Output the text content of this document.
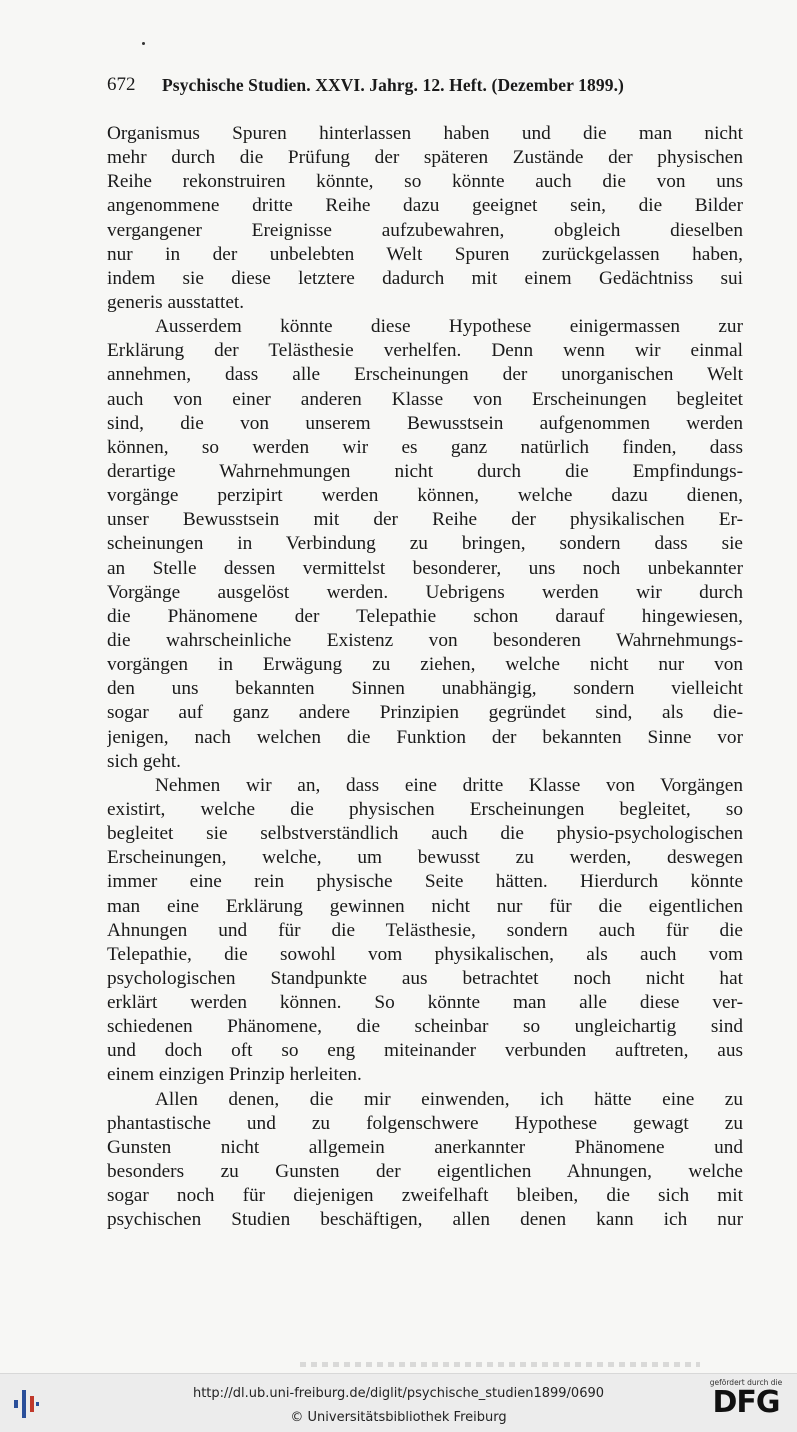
672 Psychische Studien. XXVI. Jahrg. 12. Heft. (Dezember 1899.)
Organismus Spuren hinterlassen haben und die man nicht
mehr durch die Prüfung der späteren Zustände der physischen
Reihe rekonstruiren könnte, so könnte auch die von uns
angenommene dritte Reihe dazu geeignet sein, die Bilder
vergangener Ereignisse aufzubewahren, obgleich dieselben
nur in der unbelebten Welt Spuren zurückgelassen haben,
indem sie diese letztere dadurch mit einem Gedächtniss sui
generis ausstattet.
Ausserdem könnte diese Hypothese einigermassen zur
Erklärung der Telästhesie verhelfen. Denn wenn wir einmal
annehmen, dass alle Erscheinungen der unorganischen Welt
auch von einer anderen Klasse von Erscheinungen begleitet
sind, die von unserem Bewusstsein aufgenommen werden
können, so werden wir es ganz natürlich finden, dass
derartige Wahrnehmungen nicht durch die Empfindungs-
vorgänge perzipirt werden können, welche dazu dienen,
unser Bewusstsein mit der Reihe der physikalischen Er-
scheinungen in Verbindung zu bringen, sondern dass sie
an Stelle dessen vermittelst besonderer, uns noch unbekannter
Vorgänge ausgelöst werden. Uebrigens werden wir durch
die Phänomene der Telepathie schon darauf hingewiesen,
die wahrscheinliche Existenz von besonderen Wahrnehmungs-
vorgängen in Erwägung zu ziehen, welche nicht nur von
den uns bekannten Sinnen unabhängig, sondern vielleicht
sogar auf ganz andere Prinzipien gegründet sind, als die-
jenigen, nach welchen die Funktion der bekannten Sinne vor
sich geht.
Nehmen wir an, dass eine dritte Klasse von Vorgängen
existirt, welche die physischen Erscheinungen begleitet, so
begleitet sie selbstverständlich auch die physio-psychologischen
Erscheinungen, welche, um bewusst zu werden, deswegen
immer eine rein physische Seite hätten. Hierdurch könnte
man eine Erklärung gewinnen nicht nur für die eigentlichen
Ahnungen und für die Telästhesie, sondern auch für die
Telepathie, die sowohl vom physikalischen, als auch vom
psychologischen Standpunkte aus betrachtet noch nicht hat
erklärt werden können. So könnte man alle diese ver-
schiedenen Phänomene, die scheinbar so ungleichartig sind
und doch oft so eng miteinander verbunden auftreten, aus
einem einzigen Prinzip herleiten.
Allen denen, die mir einwenden, ich hätte eine zu
phantastische und zu folgenschwere Hypothese gewagt zu
Gunsten nicht allgemein anerkannter Phänomene und
besonders zu Gunsten der eigentlichen Ahnungen, welche
sogar noch für diejenigen zweifelhaft bleiben, die sich mit
psychischen Studien beschäftigen, allen denen kann ich nur
http://dl.ub.uni-freiburg.de/diglit/psychische_studien1899/0690
© Universitätsbibliothek Freiburg
gefördert durch die
DFG
